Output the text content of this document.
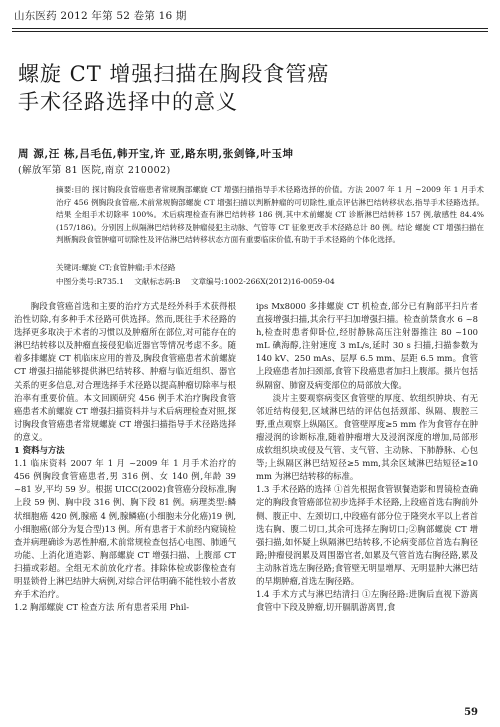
山东医药 2012 年第 52 卷第 16 期
螺旋 CT 增强扫描在胸段食管癌
手术径路选择中的意义
周 源,汪 栋,吕毛伍,韩开宝,许 亚,路东明,张剑锋,叶玉坤
(解放军第 81 医院,南京 210002)
摘要:目的 探讨胸段食管癌患者常规胸部螺旋 CT 增强扫描指导手术径路选择的价值。方法 2007 年 1 月 ~2009 年 1 月手术治疗 456 例胸段食管癌,术前常规胸部螺旋 CT 增强扫描以判断肿瘤的可切除性,重点评估淋巴结转移状态,指导手术径路选择。结果 全组手术切除率 100%。术后病理检查有淋巴结转移 186 例,其中术前螺旋 CT 诊断淋巴结转移 157 例,敏感性 84.4%(157/186)。分别因上纵隔淋巴结转移及肿瘤侵犯主动脉、气管等 CT 征象更改手术径路总计 80 例。结论 螺旋 CT 增强扫描在判断胸段食管肿瘤可切除性及评估淋巴结转移状态方面有重要临床价值,有助于手术径路的个体化选择。
关键词:螺旋 CT;食管肿瘤;手术径路
中图分类号:R735.1 文献标志码:B 文章编号:1002-266X(2012)16-0059-04

胸段食管癌首选和主要的治疗方式是经外科手术获得根治性切除,有多种手术径路可供选择。然而,既往手术径路的选择更多取决于术者的习惯以及肿瘤所在部位,对可能存在的淋巴结转移以及肿瘤直接侵犯临近器官等情况考虑不多。随着多排螺旋 CT 机临床应用的普及,胸段食管癌患者术前螺旋 CT 增强扫描能够提供淋巴结转移、肿瘤与临近组织、器官关系的更多信息,对合理选择手术径路以提高肿瘤切除率与根治率有重要价值。本文回顾研究 456 例手术治疗胸段食管癌患者术前螺旋 CT 增强扫描资料并与术后病理检查对照,探讨胸段食管癌患者常规螺旋 CT 增强扫描指导手术径路选择的意义。

1 资料与方法

1.1 临床资料 2007 年 1 月 ~2009 年 1 月手术治疗的 456 例胸段食管癌患者,男 316 例、女 140 例,年龄 39 ~81 岁,平均 59 岁。根据 UICC(2002)食管癌分段标准,胸上段 59 例、胸中段 316 例、胸下段 81 例。病理类型:鳞状细胞癌 420 例,腺癌 4 例,腺鳞癌(小细胞未分化癌)19 例,小细胞癌(部分为复合型)13 例。所有患者于术前经内窥镜检查并病理确诊为恶性肿瘤,术前常规检查包括心电图、肺通气功能、上消化道造影、胸部螺旋 CT 增强扫描、上腹部 CT 扫描或彩超。全组无术前放化疗者。排除体检或影像检查有明显锁骨上淋巴结肿大病例,对综合评估明确不能性较小者放弃手术治疗。

1.2 胸部螺旋 CT 检查方法 所有患者采用 Phil-

ips Mx8000 多排螺旋 CT 机检查,部分已有胸部平扫片者直接增强扫描,其余行平扫加增强扫描。检查前禁食水 6 ~8 h,检查时患者仰卧位,经肘静脉高压注射器推注 80 ~100 mL 碘海醇,注射速度 3 mL/s,延时 30 s 扫描,扫描参数为 140 kV、250 mAs、层厚 6.5 mm、层距 6.5 mm。食管上段癌患者加扫颈部,食管下段癌患者加扫上腹部。摄片包括纵隔窗、肺窗及病变部位的局部放大像。

淡片主要观察病变区食管壁的厚度、软组织肿块、有无邻近结构侵犯,区域淋巴结的评估包括颈部、纵隔、腹腔三野,重点观察上纵隔区。食管壁厚度≥5 mm 作为食管存在肿瘤浸润的诊断标准,随着肿瘤增大及浸润深度的增加,局部形成软组织块或侵及气管、支气管、主动脉、下肺静脉、心包等;上纵隔区淋巴结短径≥5 mm,其余区域淋巴结短径≥10 mm 为淋巴结转移的标准。

1.3 手术径路的选择 ①首先根据食管钡餐造影和胃镜检查确定的胸段食管癌部位初步选择手术径路,上段癌首选右胸前外侧、腹正中、左颈切口,中段癌有部分位于隆突水平以上者首选右胸、腹二切口,其余可选择左胸切口;②胸部螺旋 CT 增强扫描,如怀疑上纵隔淋巴结转移,不论病变部位首选右胸径路;肿瘤侵润累及周围器官者,如累及气管首选右胸径路,累及主动脉首选左胸径路;食管壁无明显增厚、无明显肿大淋巴结的早期肿瘤,首选左胸径路。

1.4 手术方式与淋巴结清扫 ①左胸径路:进胸后直视下游离食管中下段及肿瘤,切开膈肌游离胃,食

59
